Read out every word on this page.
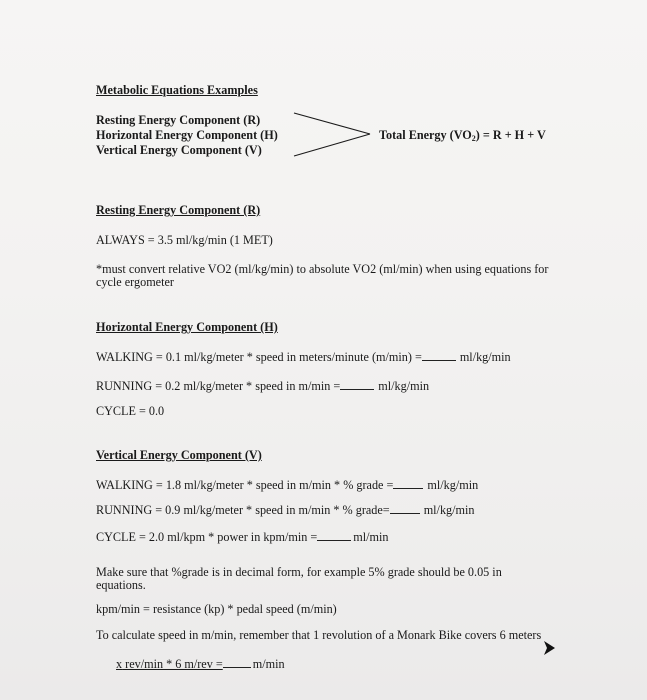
Metabolic Equations Examples
Resting Energy Component (R)
Horizontal Energy Component (H)
Vertical Energy Component (V)
Total Energy $(VO_2) = R + H + V$
Resting Energy Component (R)
ALWAYS = 3.5 ml/kg/min (1 MET)
*must convert relative VO2 (ml/kg/min) to absolute VO2 (ml/min) when using equations for
cycle ergometer
Horizontal Energy Component (H)
WALKING = 0.1 ml/kg/meter * speed in meters/minute (m/min) =	ml/kg/min
RUNNING = 0.2 ml/kg/meter * speed in m/min =	ml/kg/min
CYCLE = 0.0
Vertical Energy Component (V)
WALKING = 1.8 ml/kg/meter * speed in m/min * % grade =	ml/kg/min
RUNNING = 0.9 ml/kg/meter * speed in m/min * % grade=	ml/kg/min
CYCLE = 2.0 ml/kpm * power in kpm/min =	ml/min
Make sure that %grade is in decimal form, for example 5% grade should be 0.05 in
equations.
kpm/min = resistance (kp) * pedal speed (m/min)
To calculate speed in m/min, remember that 1 revolution of a Monark Bike covers 6 meters
x rev/min * 6 m/rev = m/min
